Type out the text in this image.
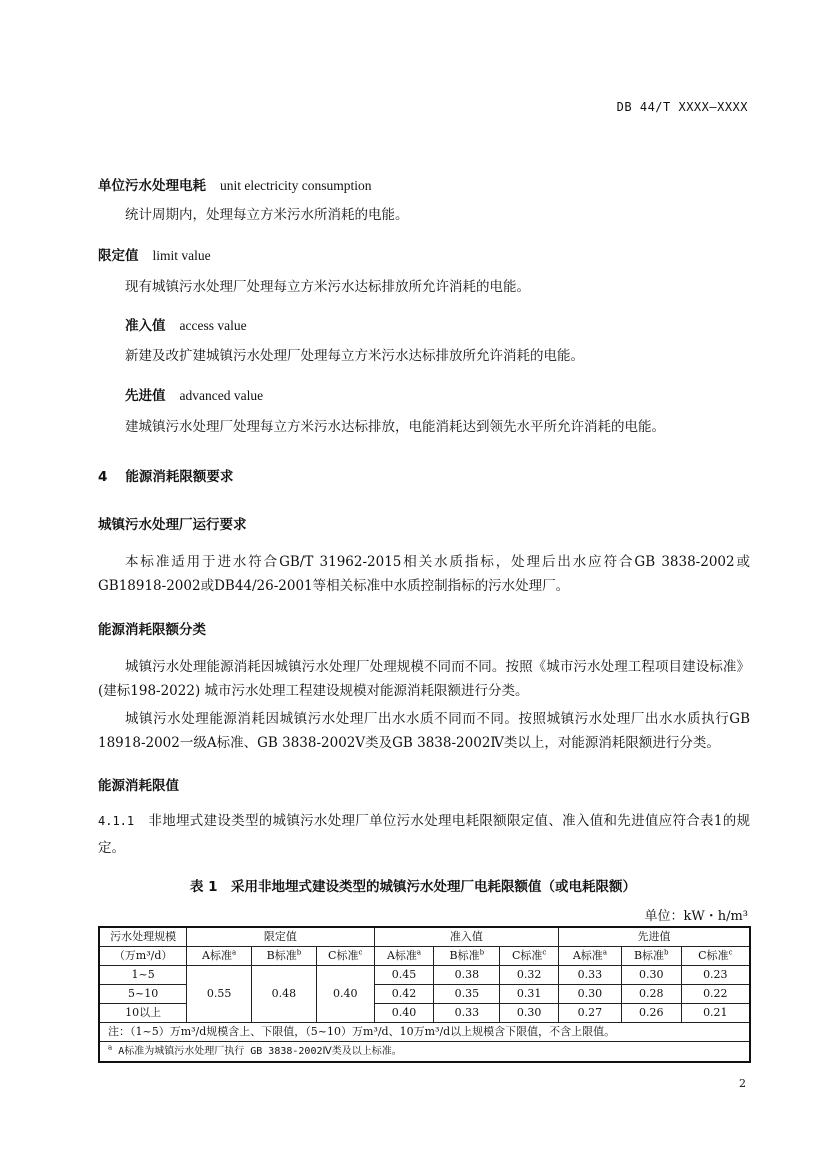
DB 44/T XXXX—XXXX
单位污水处理电耗 unit electricity consumption
统计周期内，处理每立方米污水所消耗的电能。
限定值 limit value
现有城镇污水处理厂处理每立方米污水达标排放所允许消耗的电能。
准入值 access value
新建及改扩建城镇污水处理厂处理每立方米污水达标排放所允许消耗的电能。
先进值 advanced value
建城镇污水处理厂处理每立方米污水达标排放，电能消耗达到领先水平所允许消耗的电能。
4 能源消耗限额要求
城镇污水处理厂运行要求
本标准适用于进水符合GB/T 31962-2015相关水质指标，处理后出水应符合GB 3838-2002或GB18918-2002或DB44/26-2001等相关标准中水质控制指标的污水处理厂。
能源消耗限额分类
城镇污水处理能源消耗因城镇污水处理厂处理规模不同而不同。按照《城市污水处理工程项目建设标准》(建标198-2022) 城市污水处理工程建设规模对能源消耗限额进行分类。
城镇污水处理能源消耗因城镇污水处理厂出水水质不同而不同。按照城镇污水处理厂出水水质执行GB 18918-2002一级A标准、GB 3838-2002Ⅴ类及GB 3838-2002Ⅳ类以上，对能源消耗限额进行分类。
能源消耗限值
4.1.1 非地埋式建设类型的城镇污水处理厂单位污水处理电耗限额限定值、准入值和先进值应符合表1的规定。
表 1　采用非地埋式建设类型的城镇污水处理厂电耗限额值（或电耗限额）
单位：kW・h/m³
污水处理规模	限定值			准入值			先进值		
（万m³/d）	A标准$^a$	B标准$^b$	C标准$^c$	A标准$^a$	B标准$^b$	C标准$^c$	A标准$^a$	B标准$^b$	C标准$^c$
1~5	0.55	0.48	0.40	0.45	0.38	0.32	0.33	0.30	0.23
5~10				0.42	0.35	0.31	0.30	0.28	0.22
10以上				0.40	0.33	0.30	0.27	0.26	0.21
注：（1~5）万m³/d规模含上、下限值，（5~10）万m³/d、10万m³/d以上规模含下限值，不含上限值。									
$^a$ A标准为城镇污水处理厂执行 GB 3838-2002Ⅳ类及以上标准。									
2
